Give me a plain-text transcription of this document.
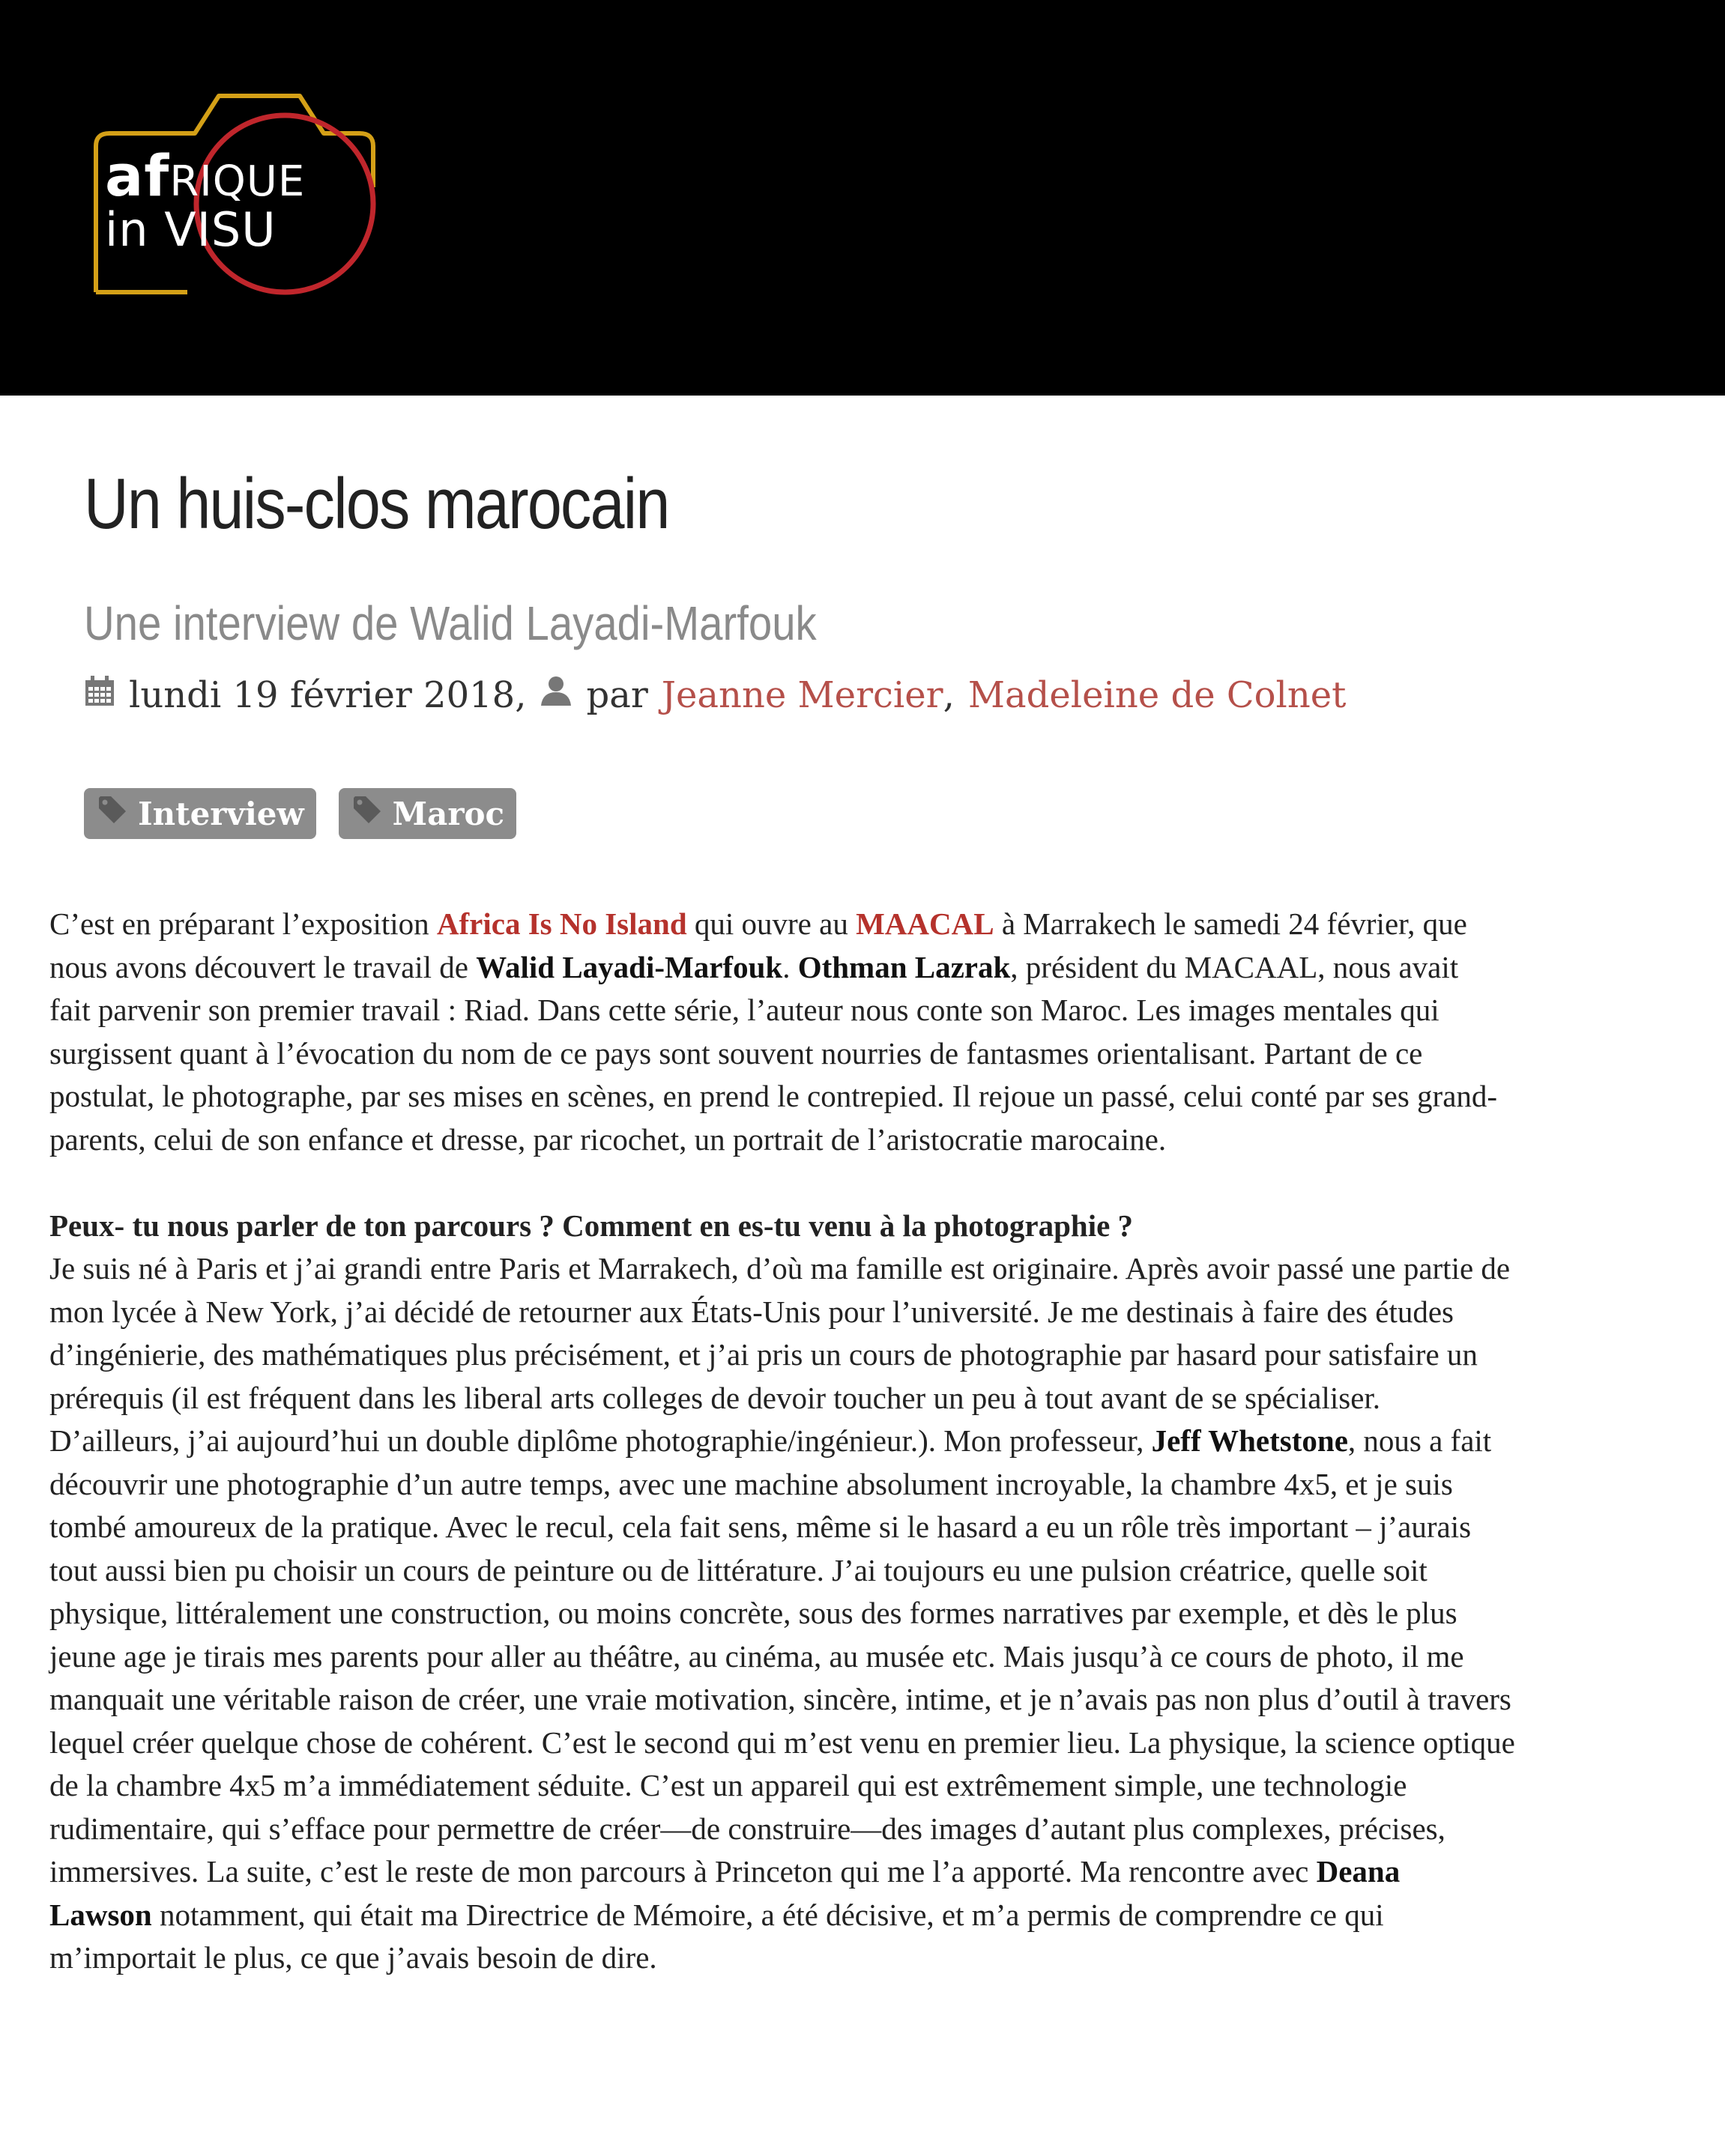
afRIQUE
in VISU
Un huis-clos marocain
Une interview de Walid Layadi-Marfouk
lundi 19 février 2018, par Jeanne Mercier , Madeleine de Colnet
Interview	Maroc

C’est en préparant l’exposition Africa Is No Island qui ouvre au MAACAL à Marrakech le samedi 24 février, que
nous avons découvert le travail de Walid Layadi-Marfouk. Othman Lazrak, président du MACAAL, nous avait
fait parvenir son premier travail : Riad. Dans cette série, l’auteur nous conte son Maroc. Les images mentales qui
surgissent quant à l’évocation du nom de ce pays sont souvent nourries de fantasmes orientalisant. Partant de ce
postulat, le photographe, par ses mises en scènes, en prend le contrepied. Il rejoue un passé, celui conté par ses grand-
parents, celui de son enfance et dresse, par ricochet, un portrait de l’aristocratie marocaine.

Peux- tu nous parler de ton parcours ? Comment en es-tu venu à la photographie ?

Je suis né à Paris et j’ai grandi entre Paris et Marrakech, d’où ma famille est originaire. Après avoir passé une partie de
mon lycée à New York, j’ai décidé de retourner aux États-Unis pour l’université. Je me destinais à faire des études
d’ingénierie, des mathématiques plus précisément, et j’ai pris un cours de photographie par hasard pour satisfaire un
prérequis (il est fréquent dans les liberal arts colleges de devoir toucher un peu à tout avant de se spécialiser.
D’ailleurs, j’ai aujourd’hui un double diplôme photographie/ingénieur.). Mon professeur, Jeff Whetstone, nous a fait
découvrir une photographie d’un autre temps, avec une machine absolument incroyable, la chambre 4x5, et je suis
tombé amoureux de la pratique. Avec le recul, cela fait sens, même si le hasard a eu un rôle très important – j’aurais
tout aussi bien pu choisir un cours de peinture ou de littérature. J’ai toujours eu une pulsion créatrice, quelle soit
physique, littéralement une construction, ou moins concrète, sous des formes narratives par exemple, et dès le plus
jeune age je tirais mes parents pour aller au théâtre, au cinéma, au musée etc. Mais jusqu’à ce cours de photo, il me
manquait une véritable raison de créer, une vraie motivation, sincère, intime, et je n’avais pas non plus d’outil à travers
lequel créer quelque chose de cohérent. C’est le second qui m’est venu en premier lieu. La physique, la science optique
de la chambre 4x5 m’a immédiatement séduite. C’est un appareil qui est extrêmement simple, une technologie
rudimentaire, qui s’efface pour permettre de créer—de construire—des images d’autant plus complexes, précises,
immersives. La suite, c’est le reste de mon parcours à Princeton qui me l’a apporté. Ma rencontre avec Deana
Lawson notamment, qui était ma Directrice de Mémoire, a été décisive, et m’a permis de comprendre ce qui
m’importait le plus, ce que j’avais besoin de dire.
